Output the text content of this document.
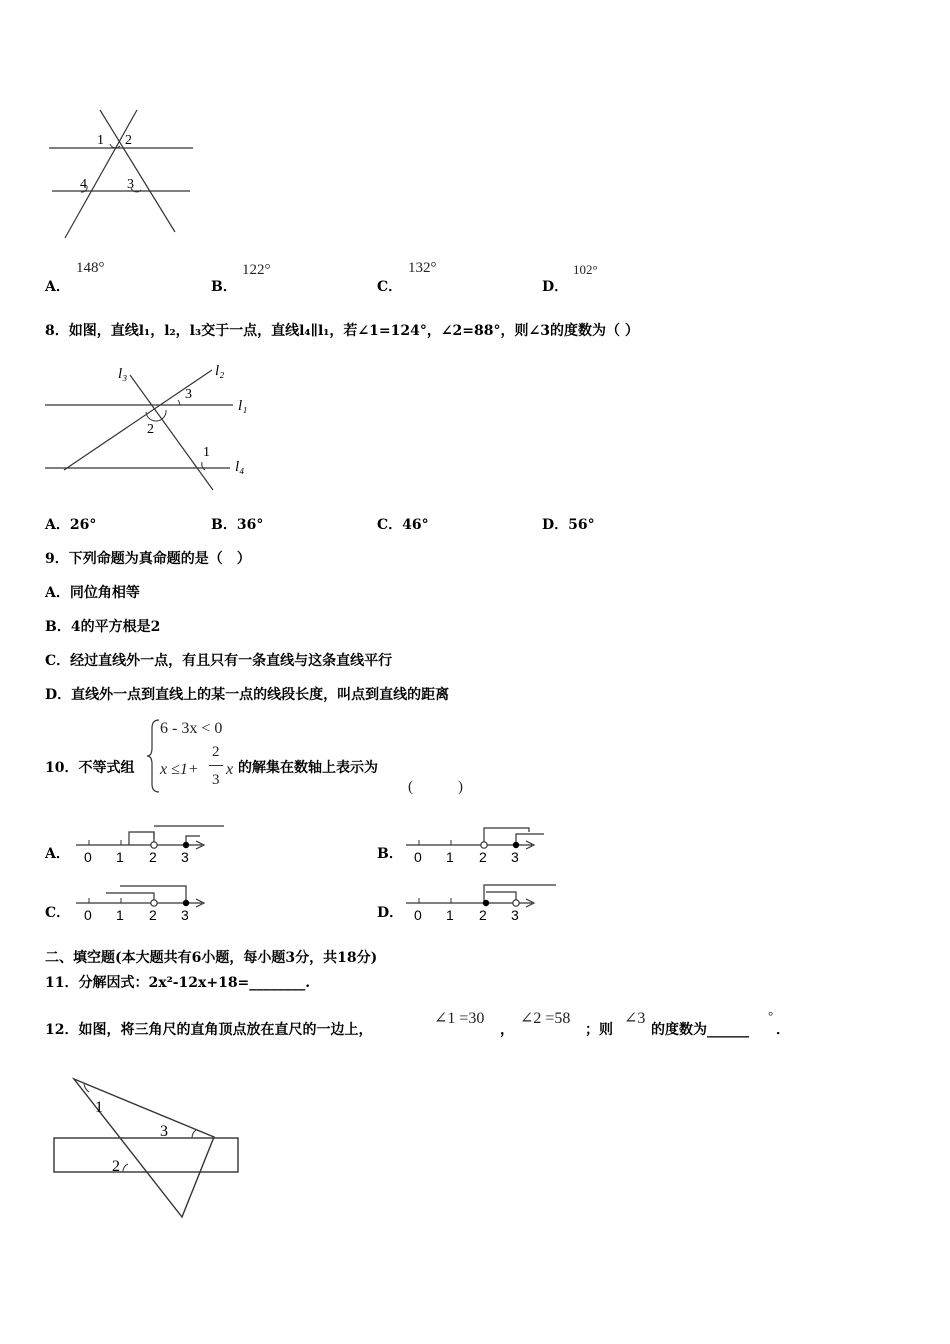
1 2
4	3
A．
148°
B．
122°
C．
132°
D．
102°
8．如图，直线l₁，l₂，l₃交于一点，直线l₄∥l₁，若∠1=124°，∠2=88°，则∠3的度数为（ ）
l₃	l₂
l₁
l₄
3
2
1
A．26°	B．36°	C．46°	D．56°
9．下列命题为真命题的是（　）
A．同位角相等
B．4的平方根是2
C．经过直线外一点，有且只有一条直线与这条直线平行
D．直线外一点到直线上的某一点的线段长度，叫点到直线的距离
10．不等式组
6 - 3x < 0
x ≤1+
2
3
x 的解集在数轴上表示为
(　　　)
A． 0 1 2 3	B． 0 1 2 3
C． 0 1 2 3	D． 0 1 2 3
二、填空题(本大题共有6小题，每小题3分，共18分)
11．分解因式：2x²-12x+18=________.
12．如图，将三角尺的直角顶点放在直尺的一边上，
∠1 =30
，
∠2 =58
；则
∠3
的度数为______
°
．
1
2
3
